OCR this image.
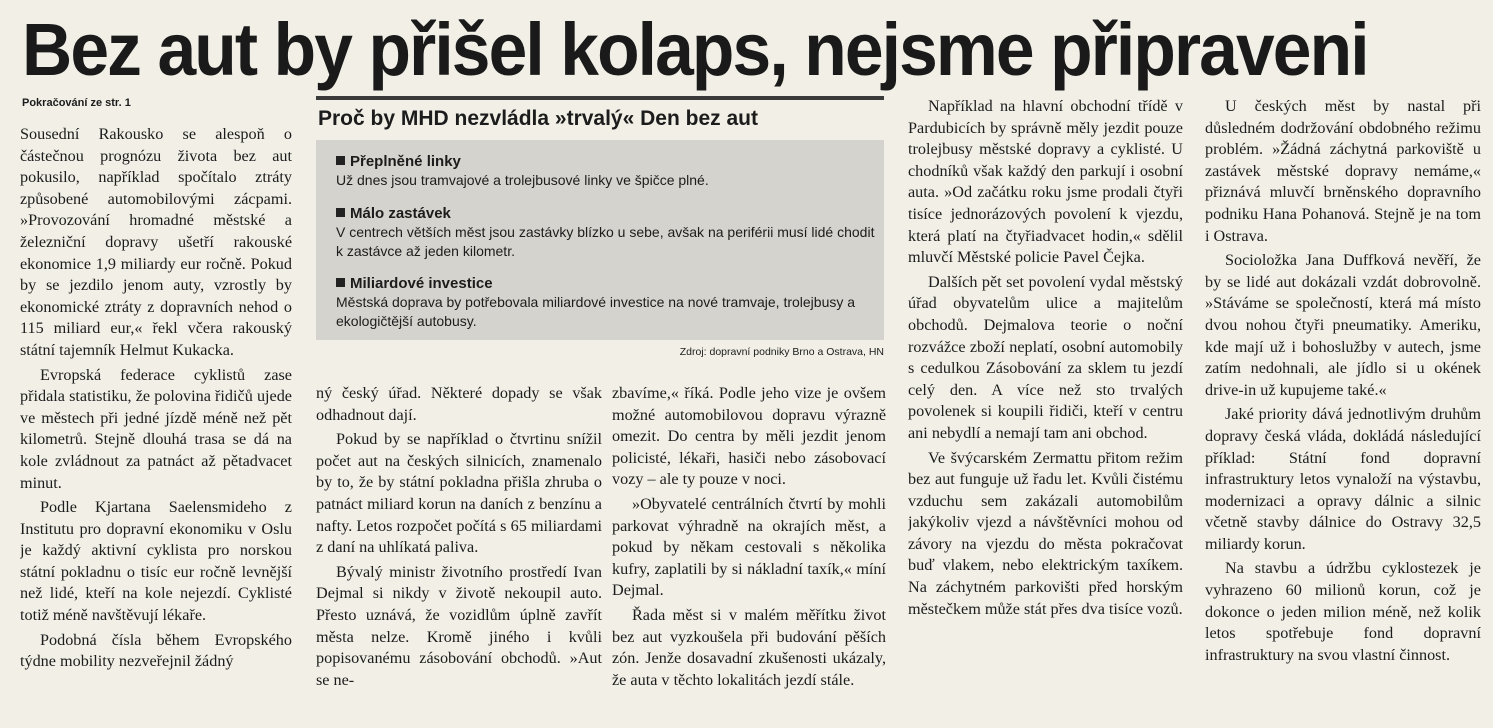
Bez aut by přišel kolaps, nejsme připraveni
Pokračování ze str. 1

Sousední Rakousko se alespoň o částečnou prognózu života bez aut pokusilo, například spočítalo ztráty způsobené automobilovými zácpami. »Provozování hromadné městské a železniční dopravy ušetří rakouské ekonomice 1,9 miliardy eur ročně. Pokud by se jezdilo jenom auty, vzrostly by ekonomické ztráty z dopravních nehod o 115 miliard eur,« řekl včera rakouský státní tajemník Helmut Kukacka.

Evropská federace cyklistů zase přidala statistiku, že polovina řidičů ujede ve městech při jedné jízdě méně než pět kilometrů. Stejně dlouhá trasa se dá na kole zvládnout za patnáct až pětadvacet minut.

Podle Kjartana Saelensmideho z Institutu pro dopravní ekonomiku v Oslu je každý aktivní cyklista pro norskou státní pokladnu o tisíc eur ročně levnější než lidé, kteří na kole nejezdí. Cyklisté totiž méně navštěvují lékaře.

Podobná čísla během Evropského týdne mobility nezveřejnil žádný

Proč by MHD nezvládla »trvalý« Den bez aut
Přeplněné linky
Už dnes jsou tramvajové a trolejbusové linky ve špičce plné.
Málo zastávek
V centrech větších měst jsou zastávky blízko u sebe, avšak na periférii musí lidé chodit k zastávce až jeden kilometr.
Miliardové investice
Městská doprava by potřebovala miliardové investice na nové tramvaje, trolejbusy a ekologičtější autobusy.
Zdroj: dopravní podniky Brno a Ostrava, HN

ný český úřad. Některé dopady se však odhadnout dají.

Pokud by se například o čtvrtinu snížil počet aut na českých silnicích, znamenalo by to, že by státní pokladna přišla zhruba o patnáct miliard korun na daních z benzínu a nafty. Letos rozpočet počítá s 65 miliardami z daní na uhlíkatá paliva.

Bývalý ministr životního prostředí Ivan Dejmal si nikdy v životě nekoupil auto. Přesto uznává, že vozidlům úplně zavřít města nelze. Kromě jiného i kvůli popisovanému zásobování obchodů. »Aut se ne-

zbavíme,« říká. Podle jeho vize je ovšem možné automobilovou dopravu výrazně omezit. Do centra by měli jezdit jenom policisté, lékaři, hasiči nebo zásobovací vozy – ale ty pouze v noci.

»Obyvatelé centrálních čtvrtí by mohli parkovat výhradně na okrajích měst, a pokud by někam cestovali s několika kufry, zaplatili by si nákladní taxík,« míní Dejmal.

Řada měst si v malém měřítku život bez aut vyzkoušela při budování pěších zón. Jenže dosavadní zkušenosti ukázaly, že auta v těchto lokalitách jezdí stále.

Například na hlavní obchodní třídě v Pardubicích by správně měly jezdit pouze trolejbusy městské dopravy a cyklisté. U chodníků však každý den parkují i osobní auta. »Od začátku roku jsme prodali čtyři tisíce jednorázových povolení k vjezdu, která platí na čtyřiadvacet hodin,« sdělil mluvčí Městské policie Pavel Čejka.

Dalších pět set povolení vydal městský úřad obyvatelům ulice a majitelům obchodů. Dejmalova teorie o noční rozvážce zboží neplatí, osobní automobily s cedulkou Zásobování za sklem tu jezdí celý den. A více než sto trvalých povolenek si koupili řidiči, kteří v centru ani nebydlí a nemají tam ani obchod.

Ve švýcarském Zermattu přitom režim bez aut funguje už řadu let. Kvůli čistému vzduchu sem zakázali automobilům jakýkoliv vjezd a návštěvníci mohou od závory na vjezdu do města pokračovat buď vlakem, nebo elektrickým taxíkem. Na záchytném parkovišti před horským městečkem může stát přes dva tisíce vozů.

U českých měst by nastal při důsledném dodržování obdobného režimu problém. »Žádná záchytná parkoviště u zastávek městské dopravy nemáme,« přiznává mluvčí brněnského dopravního podniku Hana Pohanová. Stejně je na tom i Ostrava.

Socioložka Jana Duffková nevěří, že by se lidé aut dokázali vzdát dobrovolně. »Stáváme se společností, která má místo dvou nohou čtyři pneumatiky. Ameriku, kde mají už i bohoslužby v autech, jsme zatím nedohnali, ale jídlo si u okének drive-in už kupujeme také.«

Jaké priority dává jednotlivým druhům dopravy česká vláda, dokládá následující příklad: Státní fond dopravní infrastruktury letos vynaloží na výstavbu, modernizaci a opravy dálnic a silnic včetně stavby dálnice do Ostravy 32,5 miliardy korun.

Na stavbu a údržbu cyklostezek je vyhrazeno 60 milionů korun, což je dokonce o jeden milion méně, než kolik letos spotřebuje fond dopravní infrastruktury na svou vlastní činnost.
